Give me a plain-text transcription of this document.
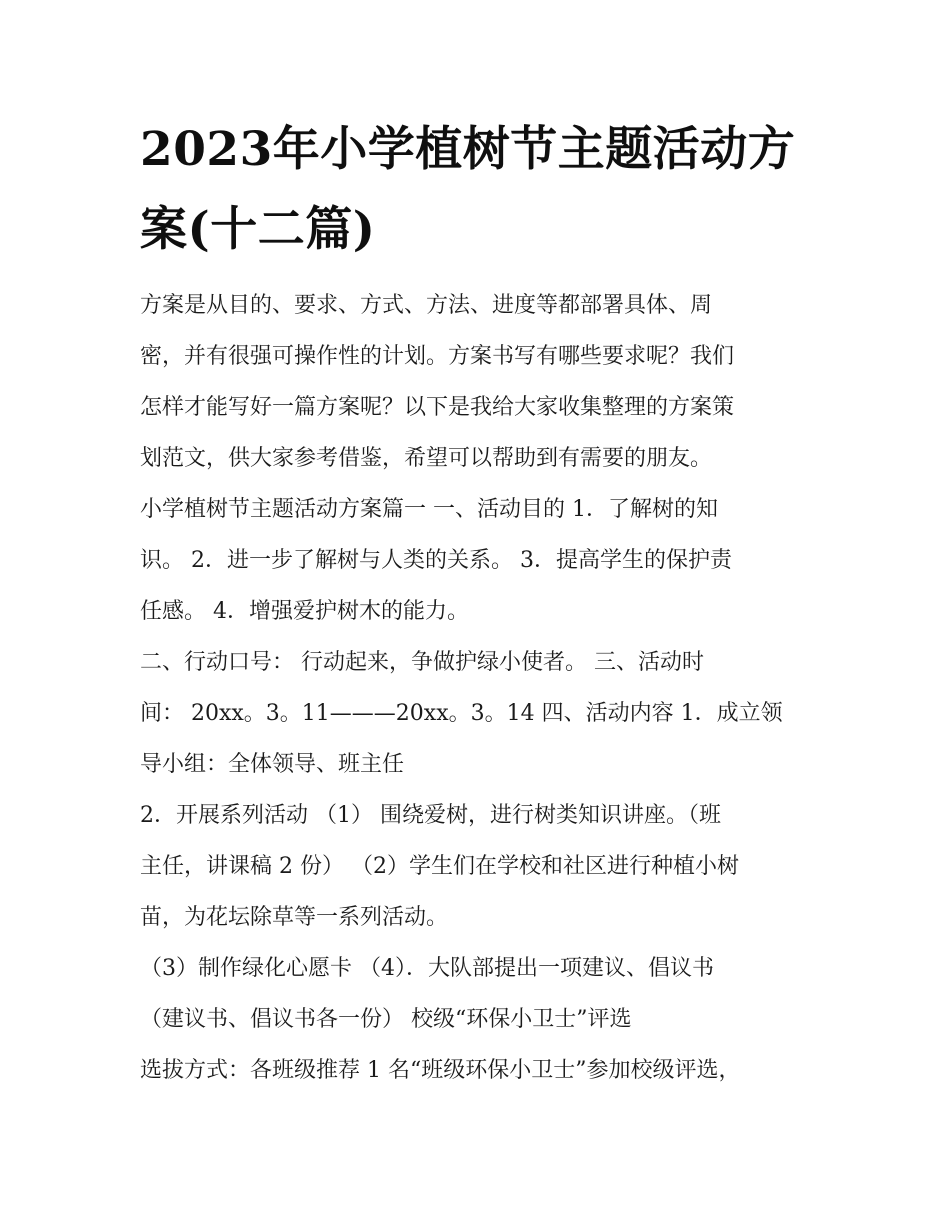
2023年小学植树节主题活动方
案(十二篇)
方案是从目的、要求、方式、方法、进度等都部署具体、周
密，并有很强可操作性的计划。方案书写有哪些要求呢？我们
怎样才能写好一篇方案呢？以下是我给大家收集整理的方案策
划范文，供大家参考借鉴，希望可以帮助到有需要的朋友。
小学植树节主题活动方案篇一 一、活动目的 1．了解树的知
识。 2．进一步了解树与人类的关系。 3．提高学生的保护责
任感。 4．增强爱护树木的能力。
二、行动口号： 行动起来，争做护绿小使者。 三、活动时
间： 20xx。3。11———20xx。3。14 四、活动内容 1．成立领
导小组：全体领导、班主任
2．开展系列活动 （1） 围绕爱树，进行树类知识讲座。（班
主任，讲课稿 2 份） （2）学生们在学校和社区进行种植小树
苗，为花坛除草等一系列活动。
（3）制作绿化心愿卡 （4）．大队部提出一项建议、倡议书
（建议书、倡议书各一份） 校级“环保小卫士”评选
选拔方式：各班级推荐 1 名“班级环保小卫士”参加校级评选，
